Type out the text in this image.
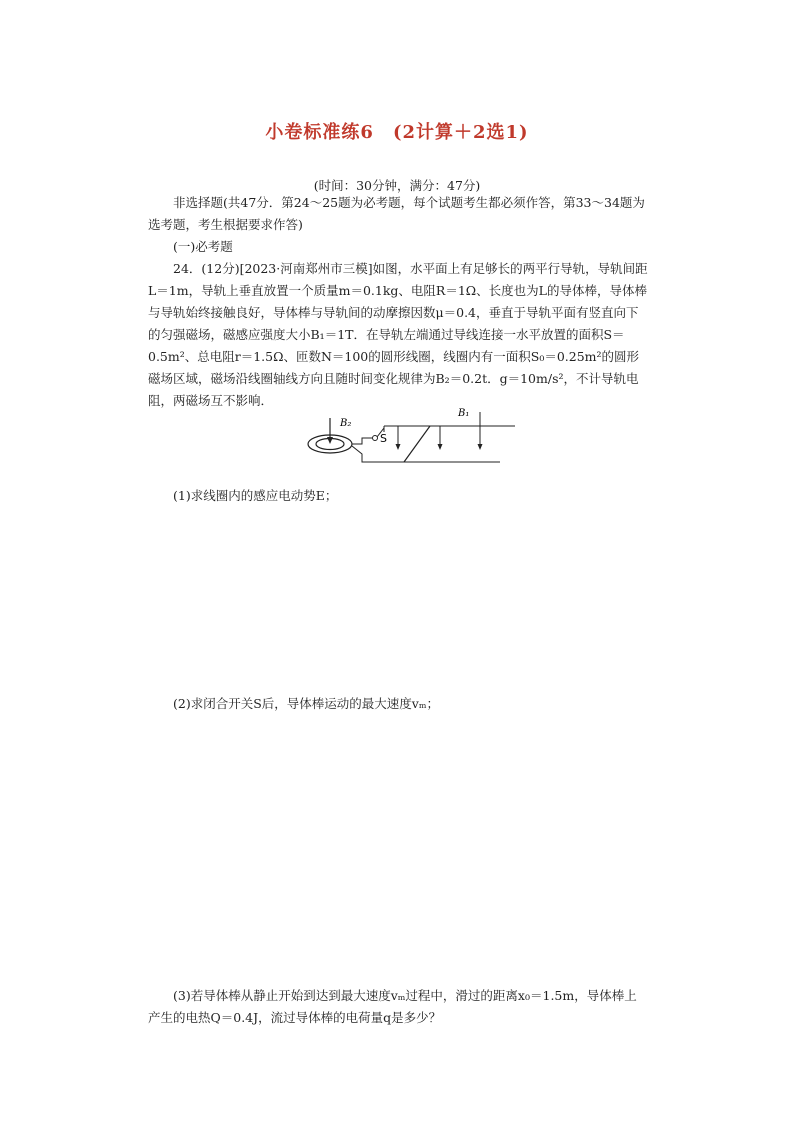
小卷标准练6　(2计算＋2选1)
(时间：30分钟，满分：47分)
　　非选择题(共47分．第24～25题为必考题，每个试题考生都必须作答，第33～34题为选考题，考生根据要求作答)
　　(一)必考题
　　24．(12分)[2023·河南郑州市三模]如图，水平面上有足够长的两平行导轨，导轨间距L＝1m，导轨上垂直放置一个质量m＝0.1kg、电阻R＝1Ω、长度也为L的导体棒，导体棒与导轨始终接触良好，导体棒与导轨间的动摩擦因数μ＝0.4，垂直于导轨平面有竖直向下的匀强磁场，磁感应强度大小B₁＝1T．在导轨左端通过导线连接一水平放置的面积S＝0.5m²、总电阻r＝1.5Ω、匝数N＝100的圆形线圈，线圈内有一面积S₀＝0.25m²的圆形磁场区域，磁场沿线圈轴线方向且随时间变化规律为B₂＝0.2t．g＝10m/s²，不计导轨电阻，两磁场互不影响．
B₂
S
B₁
　　(1)求线圈内的感应电动势E；
　　(2)求闭合开关S后，导体棒运动的最大速度vₘ；
　　(3)若导体棒从静止开始到达到最大速度vₘ过程中，滑过的距离x₀＝1.5m，导体棒上产生的电热Q＝0.4J，流过导体棒的电荷量q是多少？
